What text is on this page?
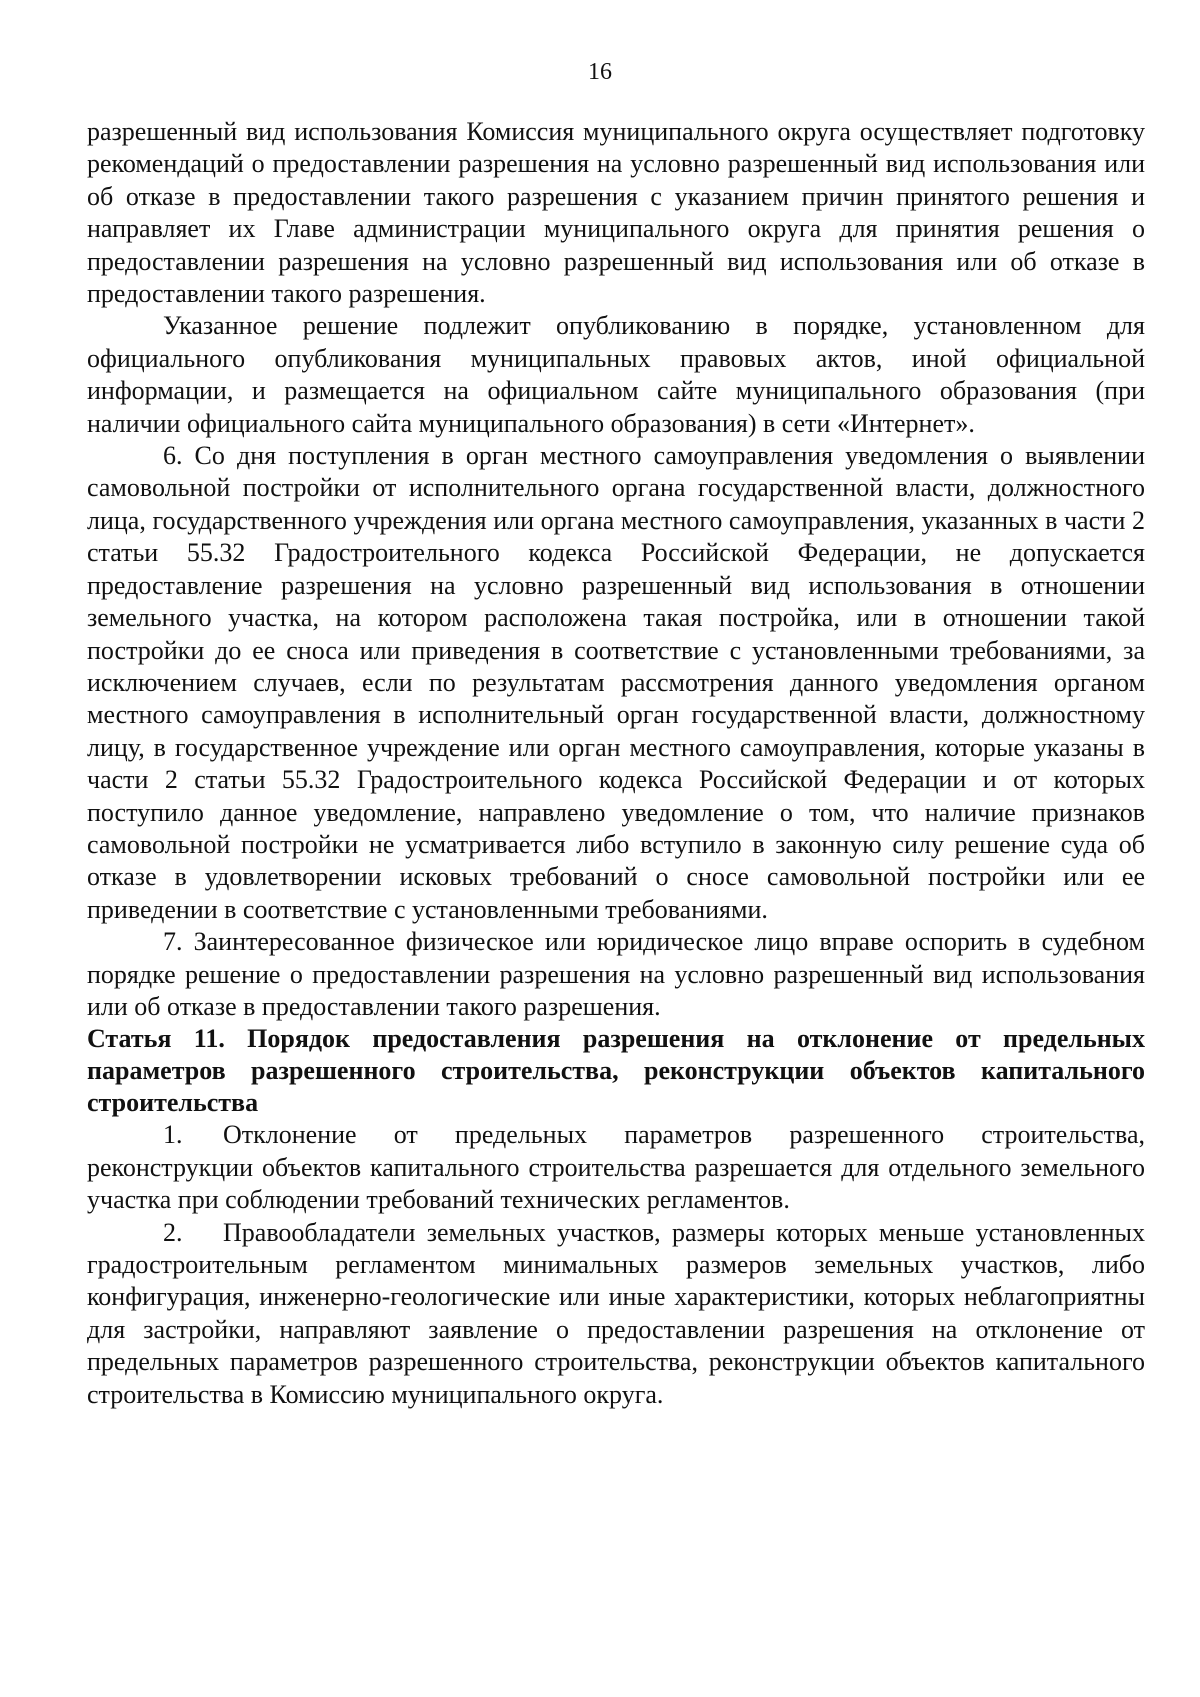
16

разрешенный вид использования Комиссия муниципального округа осуществляет подготовку рекомендаций о предоставлении разрешения на условно разрешенный вид использования или об отказе в предоставлении такого разрешения с указанием причин принятого решения и направляет их Главе администрации муниципального округа для принятия решения о предоставлении разрешения на условно разрешенный вид использования или об отказе в предоставлении такого разрешения.

Указанное решение подлежит опубликованию в порядке, установленном для официального опубликования муниципальных правовых актов, иной официальной информации, и размещается на официальном сайте муниципального образования (при наличии официального сайта муниципального образования) в сети «Интернет».

6. Со дня поступления в орган местного самоуправления уведомления о выявлении самовольной постройки от исполнительного органа государственной власти, должностного лица, государственного учреждения или органа местного самоуправления, указанных в части 2 статьи 55.32 Градостроительного кодекса Российской Федерации, не допускается предоставление разрешения на условно разрешенный вид использования в отношении земельного участка, на котором расположена такая постройка, или в отношении такой постройки до ее сноса или приведения в соответствие с установленными требованиями, за исключением случаев, если по результатам рассмотрения данного уведомления органом местного самоуправления в исполнительный орган государственной власти, должностному лицу, в государственное учреждение или орган местного самоуправления, которые указаны в части 2 статьи 55.32 Градостроительного кодекса Российской Федерации и от которых поступило данное уведомление, направлено уведомление о том, что наличие признаков самовольной постройки не усматривается либо вступило в законную силу решение суда об отказе в удовлетворении исковых требований о сносе самовольной постройки или ее приведении в соответствие с установленными требованиями.

7. Заинтересованное физическое или юридическое лицо вправе оспорить в судебном порядке решение о предоставлении разрешения на условно разрешенный вид использования или об отказе в предоставлении такого разрешения.

Статья 11. Порядок предоставления разрешения на отклонение от предельных параметров разрешенного строительства, реконструкции объектов капитального строительства

1. Отклонение от предельных параметров разрешенного строительства, реконструкции объектов капитального строительства разрешается для отдельного земельного участка при соблюдении требований технических регламентов.

2. Правообладатели земельных участков, размеры которых меньше установленных градостроительным регламентом минимальных размеров земельных участков, либо конфигурация, инженерно-геологические или иные характеристики, которых неблагоприятны для застройки, направляют заявление о предоставлении разрешения на отклонение от предельных параметров разрешенного строительства, реконструкции объектов капитального строительства в Комиссию муниципального округа.
